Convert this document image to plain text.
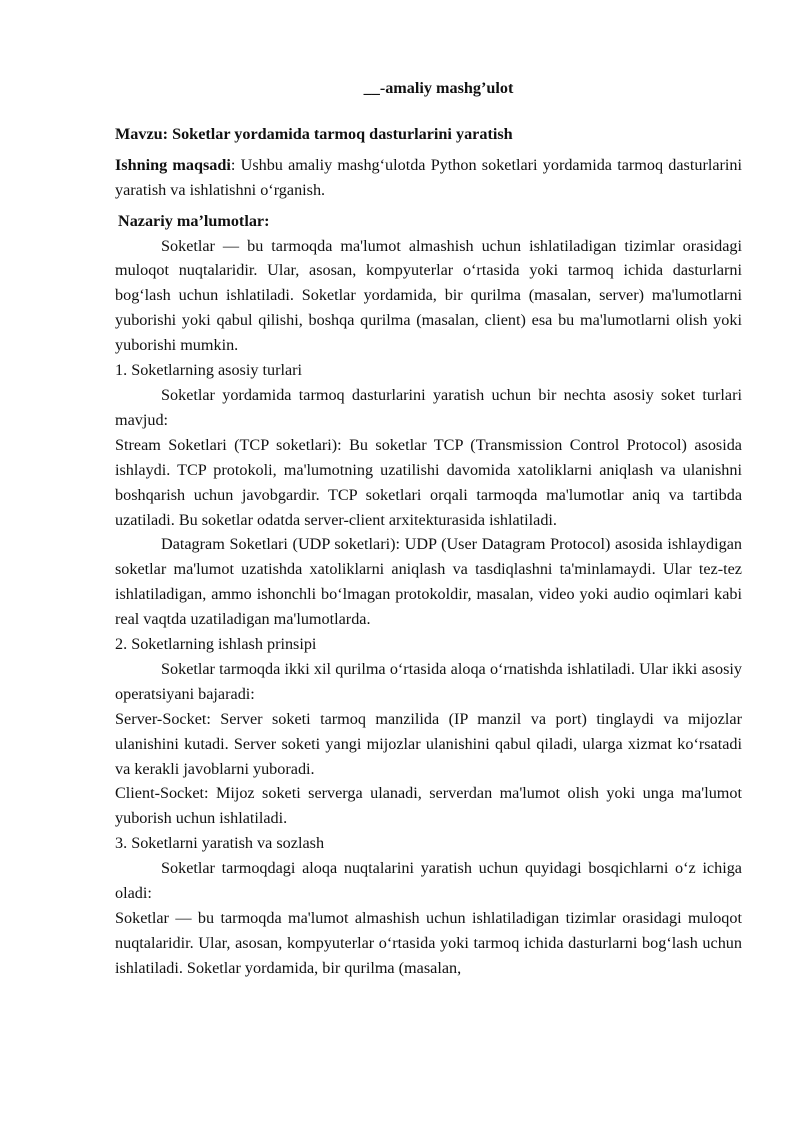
__-amaliy mashg’ulot
Mavzu: Soketlar yordamida tarmoq dasturlarini yaratish
Ishning maqsadi: Ushbu amaliy mashg‘ulotda Python soketlari yordamida tarmoq dasturlarini yaratish va ishlatishni o‘rganish.
Nazariy ma’lumotlar:

Soketlar — bu tarmoqda ma'lumot almashish uchun ishlatiladigan tizimlar orasidagi muloqot nuqtalaridir. Ular, asosan, kompyuterlar o‘rtasida yoki tarmoq ichida dasturlarni bog‘lash uchun ishlatiladi. Soketlar yordamida, bir qurilma (masalan, server) ma'lumotlarni yuborishi yoki qabul qilishi, boshqa qurilma (masalan, client) esa bu ma'lumotlarni olish yoki yuborishi mumkin.

1. Soketlarning asosiy turlari

Soketlar yordamida tarmoq dasturlarini yaratish uchun bir nechta asosiy soket turlari mavjud:

Stream Soketlari (TCP soketlari): Bu soketlar TCP (Transmission Control Protocol) asosida ishlaydi. TCP protokoli, ma'lumotning uzatilishi davomida xatoliklarni aniqlash va ulanishni boshqarish uchun javobgardir. TCP soketlari orqali tarmoqda ma'lumotlar aniq va tartibda uzatiladi. Bu soketlar odatda server-client arxitekturasida ishlatiladi.

Datagram Soketlari (UDP soketlari): UDP (User Datagram Protocol) asosida ishlaydigan soketlar ma'lumot uzatishda xatoliklarni aniqlash va tasdiqlashni ta'minlamaydi. Ular tez-tez ishlatiladigan, ammo ishonchli bo‘lmagan protokoldir, masalan, video yoki audio oqimlari kabi real vaqtda uzatiladigan ma'lumotlarda.

2. Soketlarning ishlash prinsipi

Soketlar tarmoqda ikki xil qurilma o‘rtasida aloqa o‘rnatishda ishlatiladi. Ular ikki asosiy operatsiyani bajaradi:

Server-Socket: Server soketi tarmoq manzilida (IP manzil va port) tinglaydi va mijozlar ulanishini kutadi. Server soketi yangi mijozlar ulanishini qabul qiladi, ularga xizmat ko‘rsatadi va kerakli javoblarni yuboradi.

Client-Socket: Mijoz soketi serverga ulanadi, serverdan ma'lumot olish yoki unga ma'lumot yuborish uchun ishlatiladi.

3. Soketlarni yaratish va sozlash

Soketlar tarmoqdagi aloqa nuqtalarini yaratish uchun quyidagi bosqichlarni o‘z ichiga oladi:

Soketlar — bu tarmoqda ma'lumot almashish uchun ishlatiladigan tizimlar orasidagi muloqot nuqtalaridir. Ular, asosan, kompyuterlar o‘rtasida yoki tarmoq ichida dasturlarni bog‘lash uchun ishlatiladi. Soketlar yordamida, bir qurilma (masalan,
